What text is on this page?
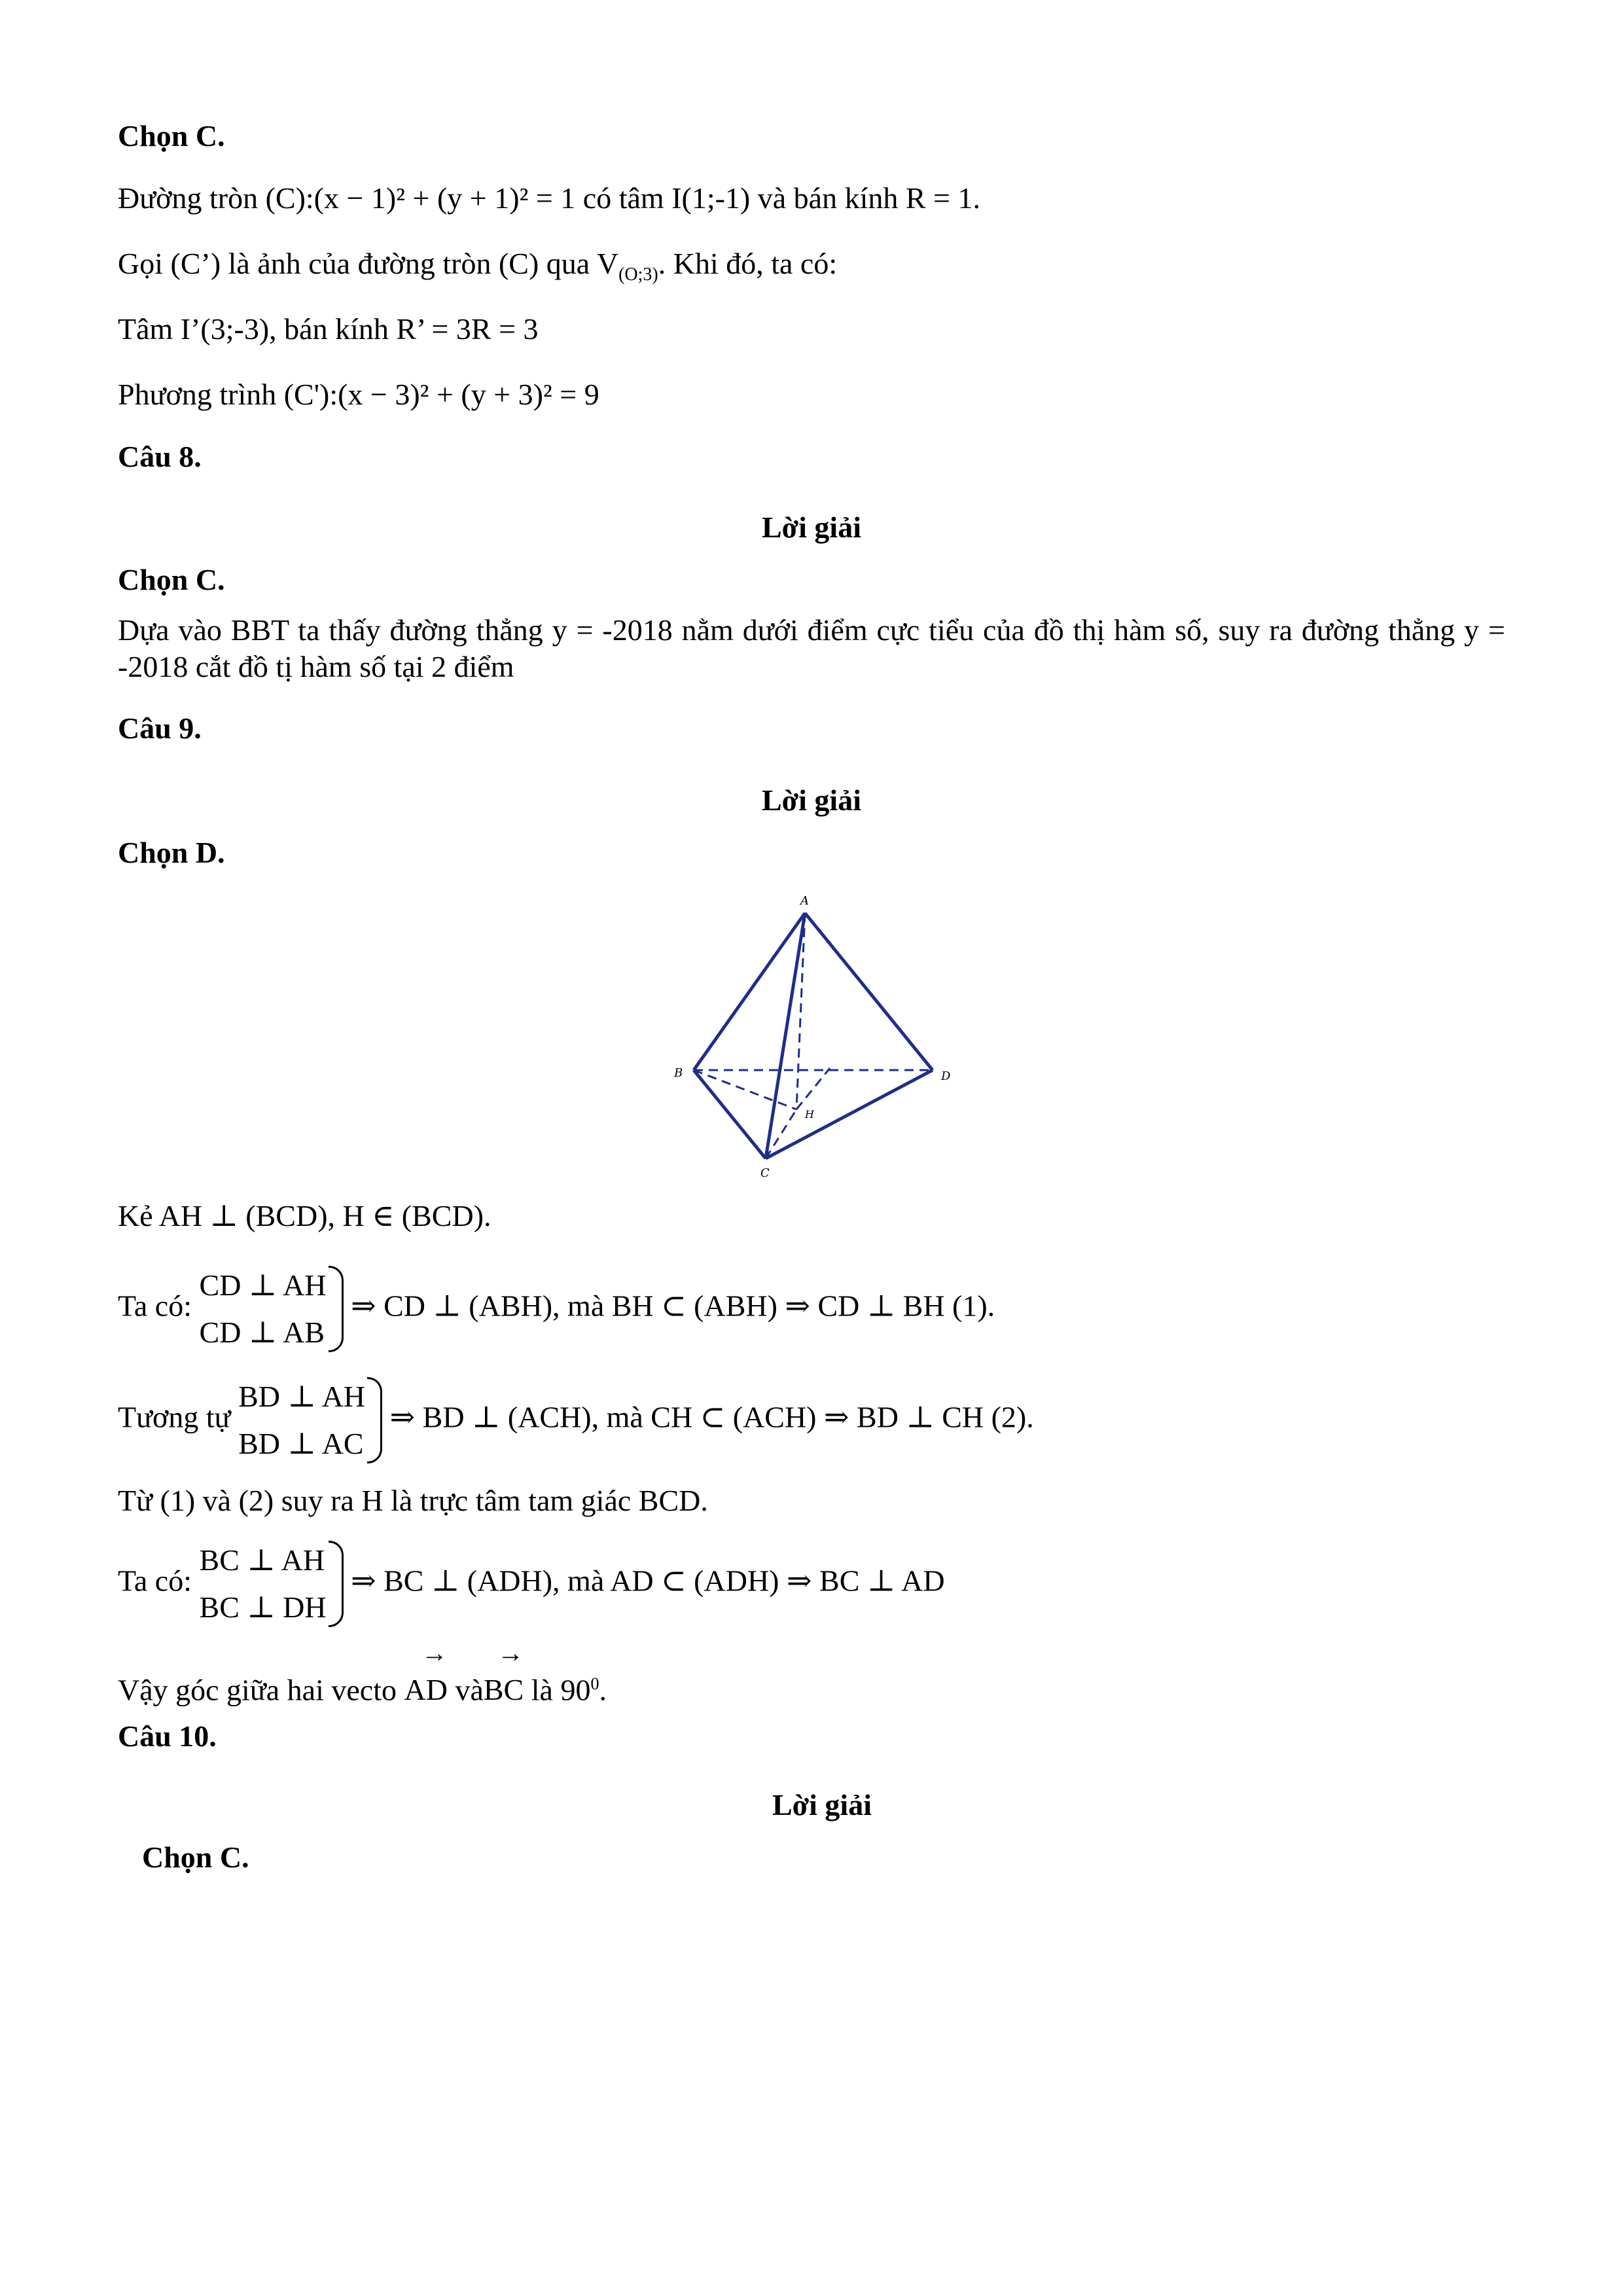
Chọn C.
Đường tròn (C):(x − 1)² + (y + 1)² = 1 có tâm I(1;-1) và bán kính R = 1.
Gọi (C’) là ảnh của đường tròn (C) qua $V_{(O;3)}$. Khi đó, ta có:
Tâm I’(3;-3), bán kính R’ = 3R = 3
Phương trình (C'):(x − 3)² + (y + 3)² = 9
Câu 8.
Lời giải
Chọn C.
Dựa vào BBT ta thấy đường thẳng y = -2018 nằm dưới điểm cực tiểu của đồ thị hàm số, suy ra đường thẳng y = -2018 cắt đồ tị hàm số tại 2 điểm
Câu 9.
Lời giải
Chọn D.
A
B
C
D
H
Kẻ AH ⊥ (BCD), H ∈ (BCD).
Ta có:
CD ⊥ AH
CD ⊥ AB
⇒ CD ⊥ (ABH), mà BH ⊂ (ABH) ⇒ CD ⊥ BH (1).
Tương tự
BD ⊥ AH
BD ⊥ AC
⇒ BD ⊥ (ACH), mà CH ⊂ (ACH) ⇒ BD ⊥ CH (2).
Từ (1) và (2) suy ra H là trực tâm tam giác BCD.
Ta có:
BC ⊥ AH
BC ⊥ DH
⇒ BC ⊥ (ADH), mà AD ⊂ (ADH) ⇒ BC ⊥ AD
Vậy góc giữa hai vecto → AD và→ BC là $90^0$.
Câu 10.
Lời giải
Chọn C.
